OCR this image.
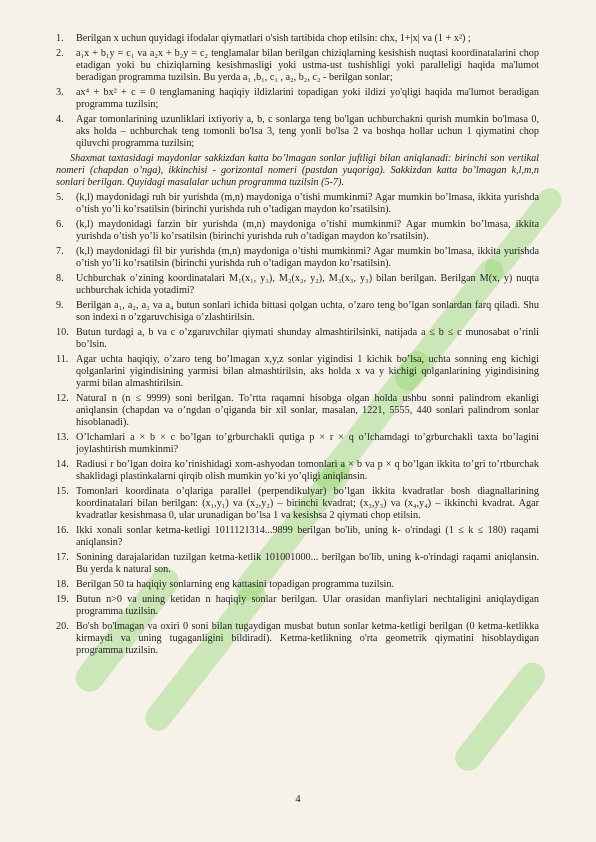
1.	Berilgan x uchun quyidagi ifodalar qiymatlari o'sish tartibida chop etilsin: chx, 1+|x| va (1 + x²) ;
2.	a₁x + b₁y = c₁ va a₂x + b₂y = c₂ tenglamalar bilan berilgan chiziqlarning kesishish nuqtasi koordinatalarini chop etadigan yoki bu chiziqlarning kesishmasligi yoki ustma-ust tushishligi yoki paralleligi haqida ma'lumot beradigan programma tuzilsin. Bu yerda a₁ ,b₁, c₁ , a₂, b₂, c₂ - berilgan sonlar;
3.	ax⁴ + bx² + c = 0 tenglamaning haqiqiy ildizlarini topadigan yoki ildizi yo'qligi haqida ma'lumot beradigan programma tuzilsin;
4.	Agar tomonlarining uzunliklari ixtiyoriy a, b, c sonlarga teng bo'lgan uchburchakni qurish mumkin bo'lmasa 0, aks holda – uchburchak teng tomonli bo'lsa 3, teng yonli bo'lsa 2 va boshqa hollar uchun 1 qiymatini chop qiluvchi programma tuzilsin;
Shaxmat taxtasidagi maydonlar sakkizdan katta bo’lmagan sonlar juftligi bilan aniqlanadi: birinchi son vertikal nomeri (chapdan o’nga), ikkinchisi - gorizontal nomeri (pastdan yuqoriga). Sakkizdan katta bo’lmagan k,l,m,n sonlari berilgan. Quyidagi masalalar uchun programma tuzilsin (5-7).
5.	(k,l) maydonidagi ruh bir yurishda (m,n) maydoniga o’tishi mumkinmi? Agar mumkin bo’lmasa, ikkita yurishda o’tish yo’li ko’rsatilsin (birinchi yurishda ruh o’tadigan maydon ko’rsatilsin).
6.	(k,l) maydonidagi farzin bir yurishda (m,n) maydoniga o’tishi mumkinmi? Agar mumkin bo’lmasa, ikkita yurishda o’tish yo’li ko’rsatilsin (birinchi yurishda ruh o’tadigan maydon ko’rsatilsin).
7.	(k,l) maydonidagi fil bir yurishda (m,n) maydoniga o’tishi mumkinmi? Agar mumkin bo’lmasa, ikkita yurishda o’tish yo’li ko’rsatilsin (birinchi yurishda ruh o’tadigan maydon ko’rsatilsin).
8.	Uchburchak o’zining koordinatalari M₁(x₁, y₁), M₂(x₂, y₂), M₃(x₃, y₃) bilan berilgan. Berilgan M(x, y) nuqta uchburchak ichida yotadimi?
9.	Berilgan a₁, a₂, a₃ va a₄ butun sonlari ichida bittasi qolgan uchta, o’zaro teng bo’lgan sonlardan farq qiladi. Shu son indexi n o’zgaruvchisiga o’zlashtirilsin.
10. Butun turdagi a, b va c o’zgaruvchilar qiymati shunday almashtirilsinki, natijada a ≤ b ≤ c munosabat o’rinli bo’lsin.
11. Agar uchta haqiqiy, o’zaro teng bo’lmagan x,y,z sonlar yigindisi 1 kichik bo’lsa, uchta sonning eng kichigi qolganlarini yigindisining yarmisi bilan almashtirilsin, aks holda x va y kichigi qolganlarining yigindisining yarmi bilan almashtirilsin.
12. Natural n (n ≤ 9999) soni berilgan. To’rtta raqamni hisobga olgan holda ushbu sonni palindrom ekanligi aniqlansin (chapdan va o’ngdan o’qiganda bir xil sonlar, masalan, 1221, 5555, 440 sonlari palindrom sonlar hisoblanadi).
13. O’lchamlari a × b × c bo’lgan to’grburchakli qutiga p × r × q o’lchamdagi to’grburchakli taxta bo’lagini joylashtirish mumkinmi?
14. Radiusi r bo’lgan doira ko’rinishidagi xom-ashyodan tomonlari a × b va p × q bo’lgan ikkita to’gri to’rtburchak shaklidagi plastinkalarni qirqib olish mumkin yo’ki yo’qligi aniqlansin.
15. Tomonlari koordinata o’qlariga parallel (perpendikulyar) bo’lgan ikkita kvadratlar bosh diagnallarining koordinatalari bilan berilgan: (x₁,y₁) va (x₂,y₂) – birinchi kvadrat; (x₃,y₃) va (x₄,y₄) – ikkinchi kvadrat. Agar kvadratlar kesishmasa 0, ular urunadigan bo’lsa 1 va kesishsa 2 qiymati chop etilsin.
16. Ikki xonali sonlar ketma-ketligi 1011121314...9899 berilgan bo'lib, uning k- o'rindagi (1 ≤ k ≤ 180) raqami aniqlansin?
17. Sonining darajalaridan tuzilgan ketma-ketlik 101001000... berilgan bo'lib, uning k-o'rindagi raqami aniqlansin. Bu yerda k natural son.
18. Berilgan 50 ta haqiqiy sonlarning eng kattasini topadigan programma tuzilsin.
19. Butun n>0 va uning ketidan n haqiqiy sonlar berilgan. Ular orasidan manfiylari nechtaligini aniqlaydigan programma tuzilsin.
20. Bo'sh bo'lmagan va oxiri 0 soni bilan tugaydigan musbat butun sonlar ketma-ketligi berilgan (0 ketma-ketlikka kirmaydi va uning tugaganligini bildiradi). Ketma-ketlikning o'rta geometrik qiymatini hisoblaydigan programma tuzilsin.
4
